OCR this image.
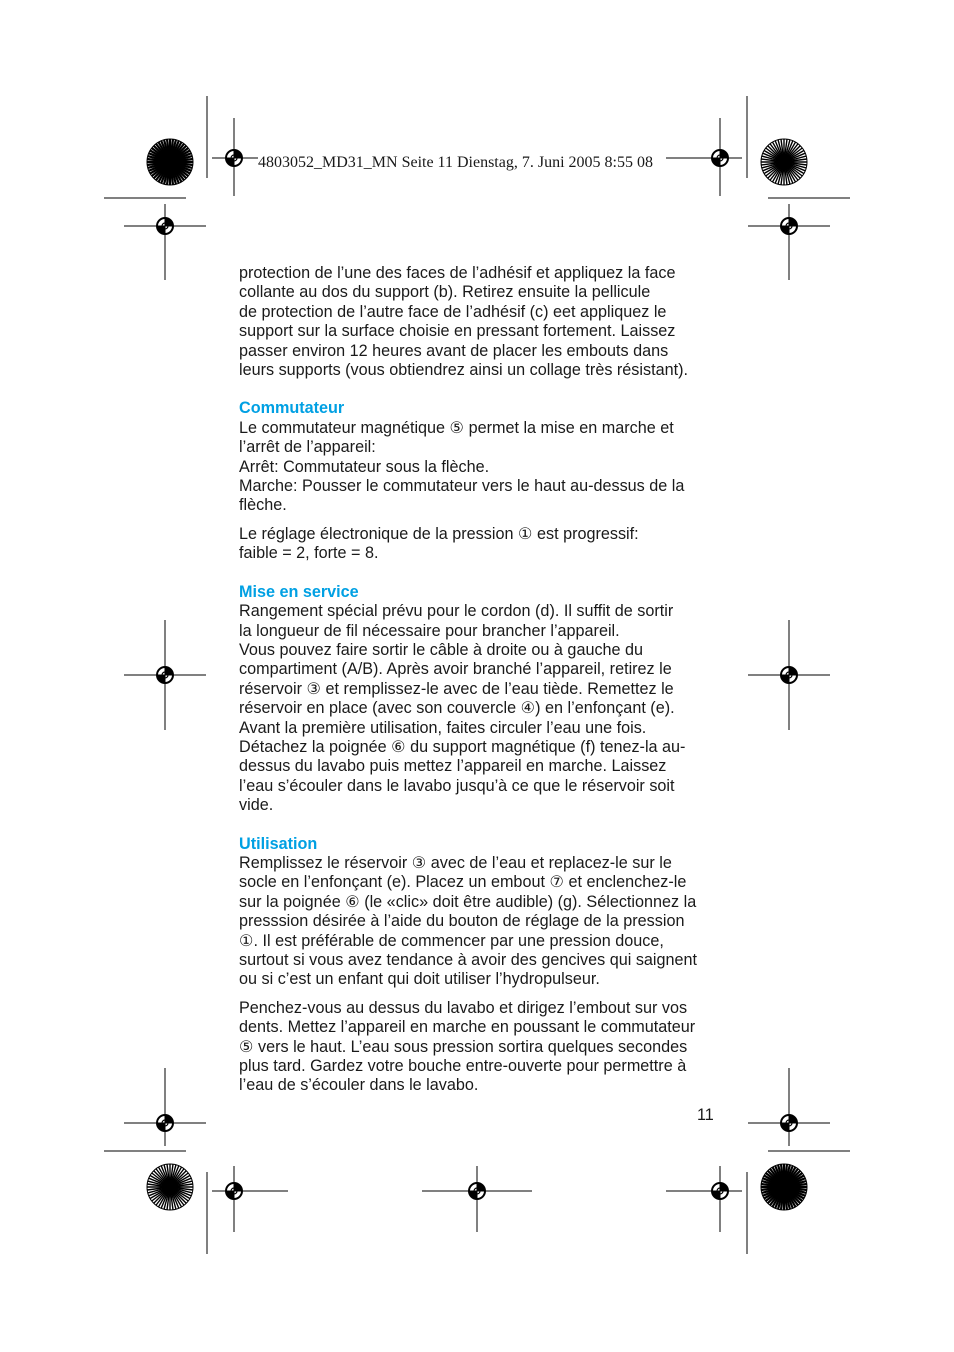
4803052_MD31_MN Seite 11 Dienstag, 7. Juni 2005 8:55 08

protection de l’une des faces de l’adhésif et appliquez la face
collante au dos du support (b). Retirez ensuite la pellicule
de protection de l’autre face de l’adhésif (c) eet appliquez le
support sur la surface choisie en pressant fortement. Laissez
passer environ 12 heures avant de placer les embouts dans
leurs supports (vous obtiendrez ainsi un collage très résistant).

Commutateur

Le commutateur magnétique ⑤ permet la mise en marche et
l’arrêt de l’appareil:
Arrêt: Commutateur sous la flèche.
Marche: Pousser le commutateur vers le haut au-dessus de la
flèche.

Le réglage électronique de la pression ① est progressif:
faible = 2, forte = 8.

Mise en service

Rangement spécial prévu pour le cordon (d). Il suffit de sortir
la longueur de fil nécessaire pour brancher l’appareil.
Vous pouvez faire sortir le câble à droite ou à gauche du
compartiment (A/B). Après avoir branché l’appareil, retirez le
réservoir ③ et remplissez-le avec de l’eau tiède. Remettez le
réservoir en place (avec son couvercle ④) en l’enfonçant (e).
Avant la première utilisation, faites circuler l’eau une fois.
Détachez la poignée ⑥ du support magnétique (f) tenez-la au-
dessus du lavabo puis mettez l’appareil en marche. Laissez
l’eau s’écouler dans le lavabo jusqu’à ce que le réservoir soit
vide.

Utilisation

Remplissez le réservoir ③ avec de l’eau et replacez-le sur le
socle en l’enfonçant (e). Placez un embout ⑦ et enclenchez-le
sur la poignée ⑥ (le «clic» doit être audible) (g). Sélectionnez la
presssion désirée à l’aide du bouton de réglage de la pression
①. Il est préférable de commencer par une pression douce,
surtout si vous avez tendance à avoir des gencives qui saignent
ou si c’est un enfant qui doit utiliser l’hydropulseur.

Penchez-vous au dessus du lavabo et dirigez l’embout sur vos
dents. Mettez l’appareil en marche en poussant le commutateur
⑤ vers le haut. L’eau sous pression sortira quelques secondes
plus tard. Gardez votre bouche entre-ouverte pour permettre à
l’eau de s’écouler dans le lavabo.

11
